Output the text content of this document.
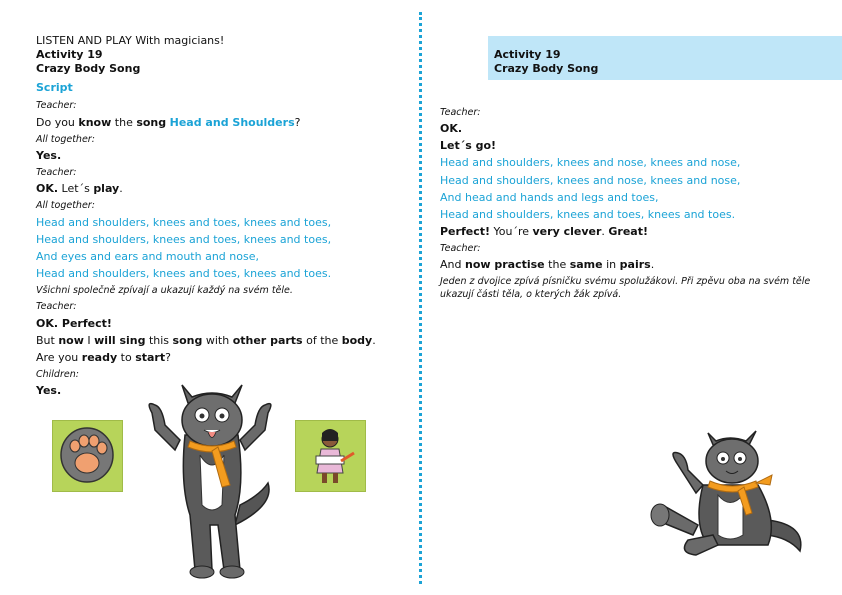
LISTEN AND PLAY With magicians!
Activity 19
Crazy Body Song
Script
Teacher:
Do you know the song Head and Shoulders?
All together:
Yes.
Teacher:
OK. Let´s play.
All together:
Head and shoulders, knees and toes, knees and toes,
Head and shoulders, knees and toes, knees and toes,
And eyes and ears and mouth and nose,
Head and shoulders, knees and toes, knees and toes.
Všichni společně zpívají a ukazují každý na svém těle.
Teacher:
OK. Perfect!
But now I will sing this song with other parts of the body.
Are you ready to start?
Children:
Yes.
Activity 19
Crazy Body Song
Teacher:
OK.
Let´s go!
Head and shoulders, knees and nose, knees and nose,
Head and shoulders, knees and nose, knees and nose,
And head and hands and legs and toes,
Head and shoulders, knees and toes, knees and toes.
Perfect! You´re very clever. Great!
Teacher:
And now practise the same in pairs.
Jeden z dvojice zpívá písničku svému spolužákovi. Při zpěvu oba na svém těle
ukazují části těla, o kterých žák zpívá.
